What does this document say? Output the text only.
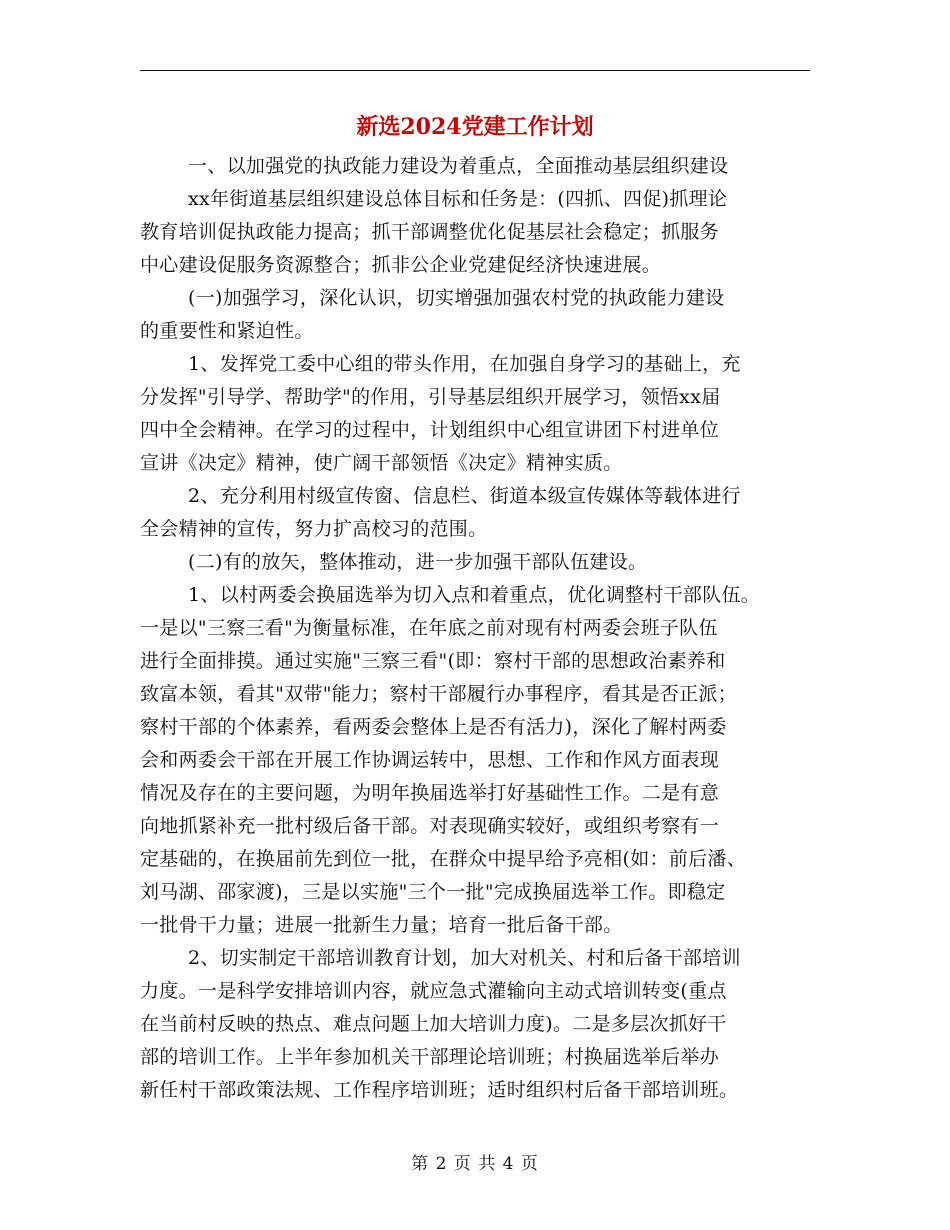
新选2024党建工作计划
一、以加强党的执政能力建设为着重点，全面推动基层组织建设
xx年街道基层组织建设总体目标和任务是：(四抓、四促)抓理论
教育培训促执政能力提高；抓干部调整优化促基层社会稳定；抓服务
中心建设促服务资源整合；抓非公企业党建促经济快速进展。
(一)加强学习，深化认识，切实增强加强农村党的执政能力建设
的重要性和紧迫性。
1、发挥党工委中心组的带头作用，在加强自身学习的基础上，充
分发挥"引导学、帮助学"的作用，引导基层组织开展学习，领悟xx届
四中全会精神。在学习的过程中，计划组织中心组宣讲团下村进单位
宣讲《决定》精神，使广阔干部领悟《决定》精神实质。
2、充分利用村级宣传窗、信息栏、街道本级宣传媒体等载体进行
全会精神的宣传，努力扩高校习的范围。
(二)有的放矢，整体推动，进一步加强干部队伍建设。
1、以村两委会换届选举为切入点和着重点，优化调整村干部队伍。
一是以"三察三看"为衡量标准，在年底之前对现有村两委会班子队伍
进行全面排摸。通过实施"三察三看"(即：察村干部的思想政治素养和
致富本领，看其"双带"能力；察村干部履行办事程序，看其是否正派；
察村干部的个体素养，看两委会整体上是否有活力)，深化了解村两委
会和两委会干部在开展工作协调运转中，思想、工作和作风方面表现
情况及存在的主要问题，为明年换届选举打好基础性工作。二是有意
向地抓紧补充一批村级后备干部。对表现确实较好，或组织考察有一
定基础的，在换届前先到位一批，在群众中提早给予亮相(如：前后潘、
刘马湖、邵家渡)，三是以实施"三个一批"完成换届选举工作。即稳定
一批骨干力量；进展一批新生力量；培育一批后备干部。
2、切实制定干部培训教育计划，加大对机关、村和后备干部培训
力度。一是科学安排培训内容，就应急式灌输向主动式培训转变(重点
在当前村反映的热点、难点问题上加大培训力度)。二是多层次抓好干
部的培训工作。上半年参加机关干部理论培训班；村换届选举后举办
新任村干部政策法规、工作程序培训班；适时组织村后备干部培训班。
第 2 页 共 4 页
